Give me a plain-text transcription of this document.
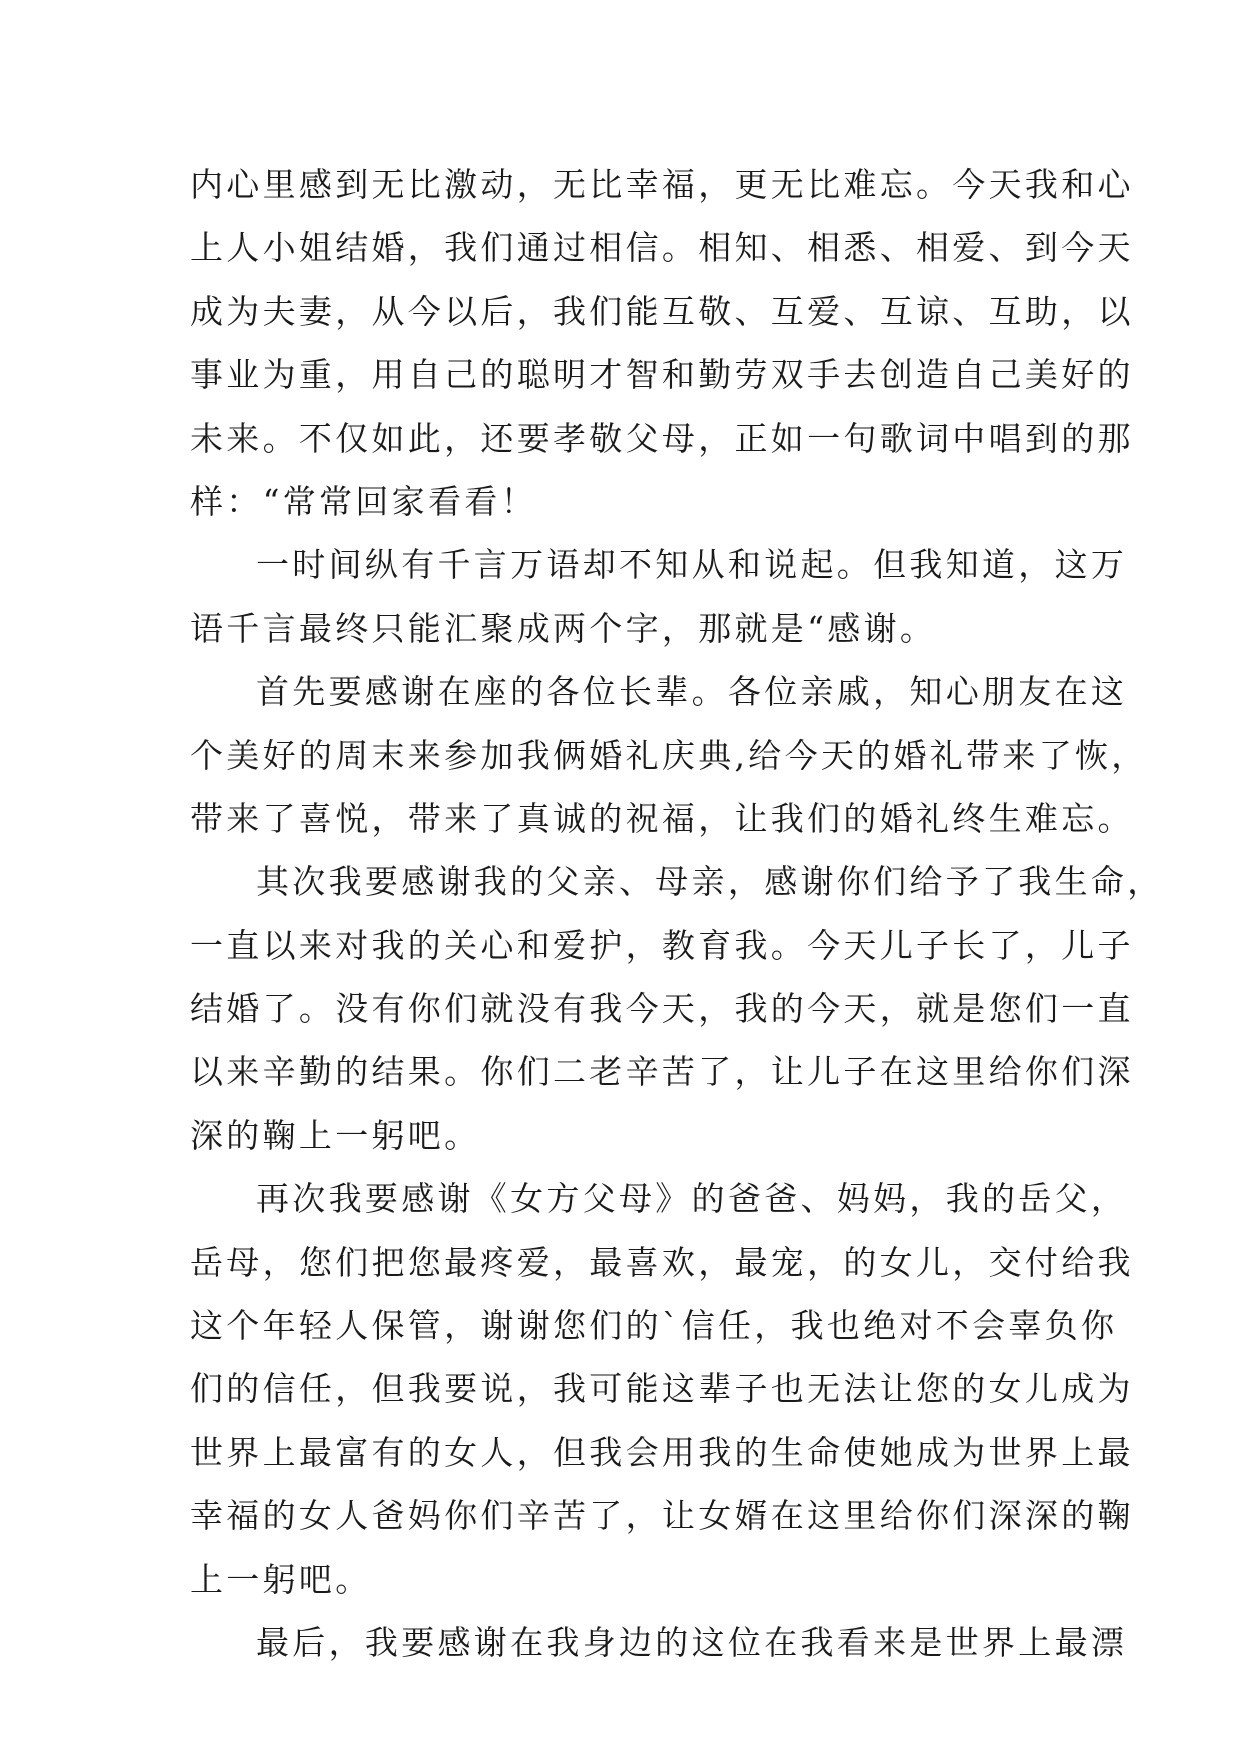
内心里感到无比激动，无比幸福，更无比难忘。今天我和心
上人小姐结婚，我们通过相信。相知、相悉、相爱、到今天
成为夫妻，从今以后，我们能互敬、互爱、互谅、互助，以
事业为重，用自己的聪明才智和勤劳双手去创造自己美好的
未来。不仅如此，还要孝敬父母，正如一句歌词中唱到的那
样：“常常回家看看！
一时间纵有千言万语却不知从和说起。但我知道，这万
语千言最终只能汇聚成两个字，那就是“感谢。
首先要感谢在座的各位长辈。各位亲戚，知心朋友在这
个美好的周末来参加我俩婚礼庆典,给今天的婚礼带来了恢，
带来了喜悦，带来了真诚的祝福，让我们的婚礼终生难忘。
其次我要感谢我的父亲、母亲，感谢你们给予了我生命，
一直以来对我的关心和爱护，教育我。今天儿子长了，儿子
结婚了。没有你们就没有我今天，我的今天，就是您们一直
以来辛勤的结果。你们二老辛苦了，让儿子在这里给你们深
深的鞠上一躬吧。
再次我要感谢《女方父母》的爸爸、妈妈，我的岳父，
岳母，您们把您最疼爱，最喜欢，最宠，的女儿，交付给我
这个年轻人保管，谢谢您们的`信任，我也绝对不会辜负你
们的信任，但我要说，我可能这辈子也无法让您的女儿成为
世界上最富有的女人，但我会用我的生命使她成为世界上最
幸福的女人爸妈你们辛苦了，让女婿在这里给你们深深的鞠
上一躬吧。
最后，我要感谢在我身边的这位在我看来是世界上最漂
